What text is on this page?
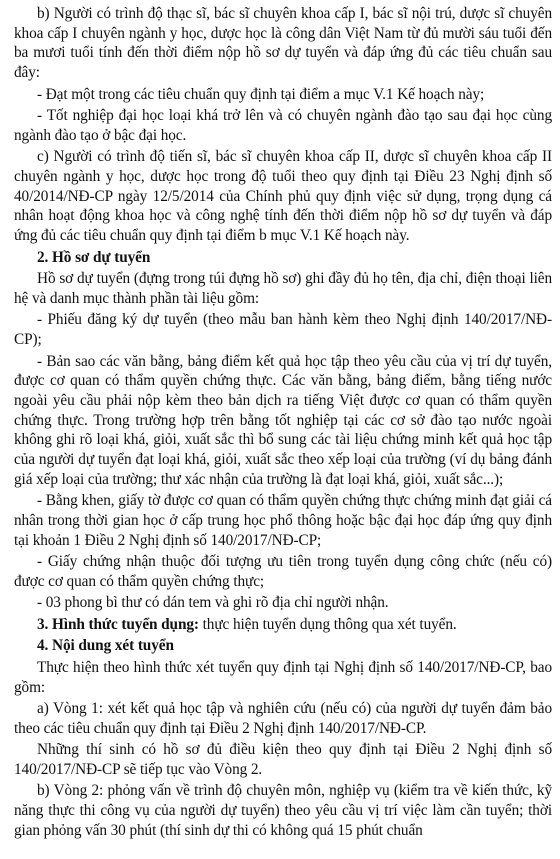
b) Người có trình độ thạc sĩ, bác sĩ chuyên khoa cấp I, bác sĩ nội trú, dược sĩ chuyên khoa cấp I chuyên ngành y học, dược học là công dân Việt Nam từ đủ mười sáu tuổi đến ba mươi tuổi tính đến thời điểm nộp hồ sơ dự tuyển và đáp ứng đủ các tiêu chuẩn sau đây:

- Đạt một trong các tiêu chuẩn quy định tại điểm a mục V.1 Kế hoạch này;

- Tốt nghiệp đại học loại khá trở lên và có chuyên ngành đào tạo sau đại học cùng ngành đào tạo ở bậc đại học.

c) Người có trình độ tiến sĩ, bác sĩ chuyên khoa cấp II, dược sĩ chuyên khoa cấp II chuyên ngành y học, dược học trong độ tuổi theo quy định tại Điều 23 Nghị định số 40/2014/NĐ-CP ngày 12/5/2014 của Chính phủ quy định việc sử dụng, trọng dụng cá nhân hoạt động khoa học và công nghệ tính đến thời điểm nộp hồ sơ dự tuyển và đáp ứng đủ các tiêu chuẩn quy định tại điểm b mục V.1 Kế hoạch này.

2. Hồ sơ dự tuyển

Hồ sơ dự tuyển (đựng trong túi đựng hồ sơ) ghi đầy đủ họ tên, địa chỉ, điện thoại liên hệ và danh mục thành phần tài liệu gồm:

- Phiếu đăng ký dự tuyển (theo mẫu ban hành kèm theo Nghị định 140/2017/NĐ-CP);

- Bản sao các văn bằng, bảng điểm kết quả học tập theo yêu cầu của vị trí dự tuyển, được cơ quan có thẩm quyền chứng thực. Các văn bằng, bảng điểm, bằng tiếng nước ngoài yêu cầu phải nộp kèm theo bản dịch ra tiếng Việt được cơ quan có thẩm quyền chứng thực. Trong trường hợp trên bằng tốt nghiệp tại các cơ sở đào tạo nước ngoài không ghi rõ loại khá, giỏi, xuất sắc thì bổ sung các tài liệu chứng minh kết quả học tập của người dự tuyển đạt loại khá, giỏi, xuất sắc theo xếp loại của trường (ví dụ bảng đánh giá xếp loại của trường; thư xác nhận của trường là đạt loại khá, giỏi, xuất sắc...);

- Bằng khen, giấy tờ được cơ quan có thẩm quyền chứng thực chứng minh đạt giải cá nhân trong thời gian học ở cấp trung học phổ thông hoặc bậc đại học đáp ứng quy định tại khoản 1 Điều 2 Nghị định số 140/2017/NĐ-CP;

- Giấy chứng nhận thuộc đối tượng ưu tiên trong tuyển dụng công chức (nếu có) được cơ quan có thẩm quyền chứng thực;

- 03 phong bì thư có dán tem và ghi rõ địa chỉ người nhận.

3. Hình thức tuyển dụng: thực hiện tuyển dụng thông qua xét tuyển.

4. Nội dung xét tuyển

Thực hiện theo hình thức xét tuyển quy định tại Nghị định số 140/2017/NĐ-CP, bao gồm:

a) Vòng 1: xét kết quả học tập và nghiên cứu (nếu có) của người dự tuyển đảm bảo theo các tiêu chuẩn quy định tại Điều 2 Nghị định 140/2017/NĐ-CP.

Những thí sinh có hồ sơ đủ điều kiện theo quy định tại Điều 2 Nghị định số 140/2017/NĐ-CP sẽ tiếp tục vào Vòng 2.

b) Vòng 2: phỏng vấn về trình độ chuyên môn, nghiệp vụ (kiểm tra về kiến thức, kỹ năng thực thi công vụ của người dự tuyển) theo yêu cầu vị trí việc làm cần tuyển; thời gian phỏng vấn 30 phút (thí sinh dự thi có không quá 15 phút chuẩn
